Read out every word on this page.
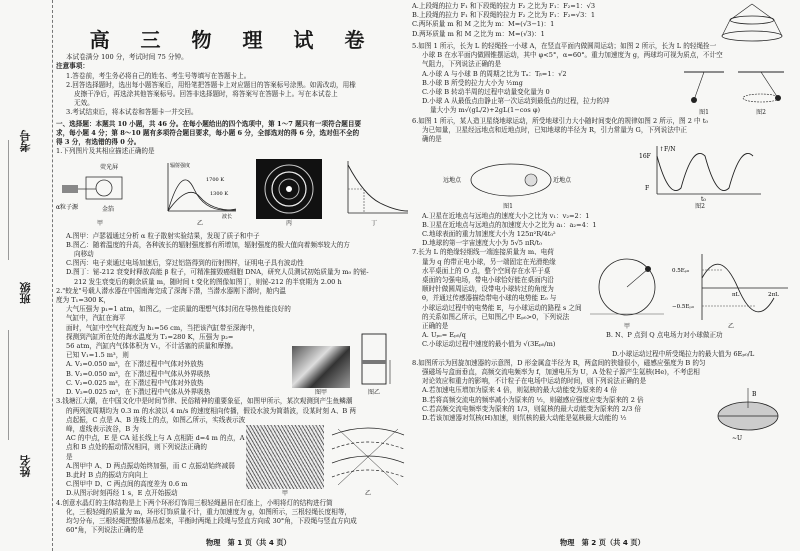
考号
班级
姓名
高 三 物 理 试 卷

本试卷满分 100 分，考试时间 75 分钟。

注意事项：

1.答卷前，考生务必将自己的姓名、考生号等填写在答题卡上。

2.回答选择题时，选出每小题答案后，用铅笔把答题卡上对应题目的答案标号涂黑。如需改动，用橡

皮擦干净后，再选涂其他答案标号。回答非选择题时，将答案写在答题卡上。写在本试卷上

无效。

3.考试结束后，将本试卷和答题卡一并交回。

一、选择题：本题共 10 小题，共 46 分。在每小题给出的四个选项中，第 1～7 题只有一项符合题目要

求，每小题 4 分；第 8～10 题有多项符合题目要求，每小题 6 分，全部选对的得 6 分，选对但不全的

得 3 分，有选错的得 0 分。

1.下列图片及其相应描述正确的是

荧光屏
α粒子源	金箔
甲
1700 K
1300 K
辐射强度
波长
乙	丙	丁

A.图甲：卢瑟福通过分析 α 粒子散射实验结果，发现了质子和中子

B.图乙：随着温度的升高，各种波长的辐射强度都有所增加，辐射强度的极大值向着频率较大的方

向移动

C.图丙：电子束通过电场加速后，穿过铝箔得到的衍射图样，证明电子具有波动性

D.图丁：铋-212 衰变时释放高能 β 粒子，可精准摧毁癌细胞 DNA，研究人员测试初始质量为 m₀ 的铋-

212 发生衰变后的剩余质量 m，随时间 t 变化的图像如图丁，则铋-212 的半衰期为 2.00 h

2."蛟龙"号载人潜水器在中国南海完成了深海下潜，当潜水器刚下潜时，舱内温度为 T₁=300 K，

大气压强为 p₁=1 atm，如图乙，一定质量的理想气体封闭在导热性能良好的气缸中，汽缸在海平

面时，气缸中空气柱高度为 h₁=56 cm，当把该汽缸带至深海中，

探测到汽缸所在处的海水温度为 T₂=280 K，压强为 p₂=

56 atm，汽缸内气体体积为 V₁，不计活塞的质量和摩擦。

已知 V₁=1.5 m³，则

A. V₂=0.050 m³，在下潜过程中气体对外放热

B. V₂=0.050 m³，在下潜过程中气体从外界吸热

C. V₂=0.025 m³，在下潜过程中气体对外放热

D. V₂=0.025 m³，在下潜过程中气体从外界吸热	图甲	图乙

3.钱塘江大潮，在中国文化中是时间节律、民俗精神的重要象征，如图甲所示，某次观测到产生鱼鳞潮

的两列波周期均为 0.3 m 的水波以 4 m/s 的速度相向传播，假设水波为简谐波，设某时刻 A、B 两

点起振，C 点是 A、B 连线上的点，如图乙所示，实线表示波峰，虚线表示波谷，B 为

AC 的中点，E 是 CA 延长线上与 A 点相距 d=4 m 的点，A

点和 B 点处的振动情况相同，则下列说法正确的

是

A.图甲中 A、D 两点振动始终加强，而 C 点振动始终减弱

B.此时 B 点的振动方向向上

C.图甲中 D、C 两点间的高度差为 0.6 m

D.从图示时刻再经 1 s，E 点开始振动	甲	乙

4.创意水晶灯的主体结构是上下两个环形灯饰用三根轻绳悬吊在灯座上，小明将灯的结构进行简

化，三根轻绳的质量为 m，环形灯饰质量不计，重力加速度为 g，如图所示，三根轻绳长度相等，

均匀分布，三根轻绳把整体悬吊起来，平衡时两绳上段绳与竖直方向成 30°角，下段绳与竖直方向成

60°角，下列说法正确的是

A.上段绳的拉力 F₁ 和下段绳的拉力 F₂ 之比为 F₁：F₂=1：√3

B.上段绳的拉力 F₁ 和下段绳的拉力 F₂ 之比为 F₁：F₂=√3：1

C.两环质量 m 和 M 之比为 m：M=(√3−1)：1

D.两环质量 m 和 M 之比为 m：M=(√3)：1

5.如图 1 所示，长为 L 的轻绳拴一小球 A，在竖直平面内做圆周运动；如图 2 所示，长为 L 的轻绳拴一

小球 B 在水平面内做圆锥摆运动，其中 φ<5°，α=60°。重力加速度为 g，两球均可视为质点，不计空

气阻力，下列说法正确的是

A.小球 A 与小球 B 的周期之比为 Tₐ：Tᵦ=1：√2

B.小球 B 所受的拉力大小为 ½mg

C.小球 B 转动半周的过程中动量变化量为 0

D.小球 A 从最低点由静止第一次运动到最低点的过程，拉力的冲

量大小为 m√(gL/2)+2gL(1−cos φ)	图1	图2

6.如图 1 所示，某人造卫星绕地球运动，所受地球引力大小随时间变化的规律如图 2 所示，图 2 中 t₀

为已知量，卫星经远地点和近地点时，已知地球的半径为 R，引力常量为 G，下列说法中正

确的是

远地点	近地点
图1
↑F/N
16F
F
t₀
图2

A.卫星在近地点与远地点的速度大小之比为 v₁：v₂=2：1

B.卫星在近地点与远地点的加速度大小之比为 a₁：a₂=4：1

C.地球表面的重力加速度大小为 125π²R/4t₀²

D.地球的第一宇宙速度大小为 5√5 πR/t₀

7.长为 L 的绝缘轻细线一端连接质量为 m、电荷

量为 q 的带正电小球，另一端固定在光滑绝缘

水平桌面上的 O 点，整个空间存在水平于桌

桌面的匀强电场，带电小球恰好能在桌面内沿

顺时针做圆周运动，设带电小球转过的角度为

θ，并通过传感器描绘带电小球的电势能 E₀ 与

小球运动过程中的电势能 E，与小球运动的路程 s 之间

的关系如图乙所示，已知图乙中 Eₚ₀>0，下列说法

正确的是	甲
0.5Eₚ₀
−0.5Eₚ₀
πL	2πL
乙

A. Uₚₒ= Eₚ₀/q	B. N、P 点到 Q 点电场力对小球做正功

C.小球运动过程中速度的最小值为 √(3Eₚ₀/m)

D.小球运动过程中所受绳拉力的最大值为 6Eₚ₀/L

8.如图所示为回旋加速器的示意图，D 形金属盒半径为 R，两盒间的狭缝很小，磁感应强度为 B 的匀

强磁场与盒面垂直，高频交流电频率为 f，加速电压为 U，A 处粒子源产生氦核(He)，不考虑相

对论效应和重力的影响，不计粒子在电场中运动的时间，则下列说法正确的是

A.若加速电压增加为原来 4 倍，则氦核的最大动能变为原来的 4 倍

B.若将高频交流电的频率减小为原来的 ½，则磁感应强度应变为原来的 2 倍

C.若高频交流电频率变为原来的 1/3，则氦核的最大动能变为原来的 2/3 倍

D.若该加速器对氘核(H)加速，则氘核的最大动能是氦核最大动能的 ½

B
~U
物理　第 1 页（共 4 页）	物理　第 2 页（共 4 页）
